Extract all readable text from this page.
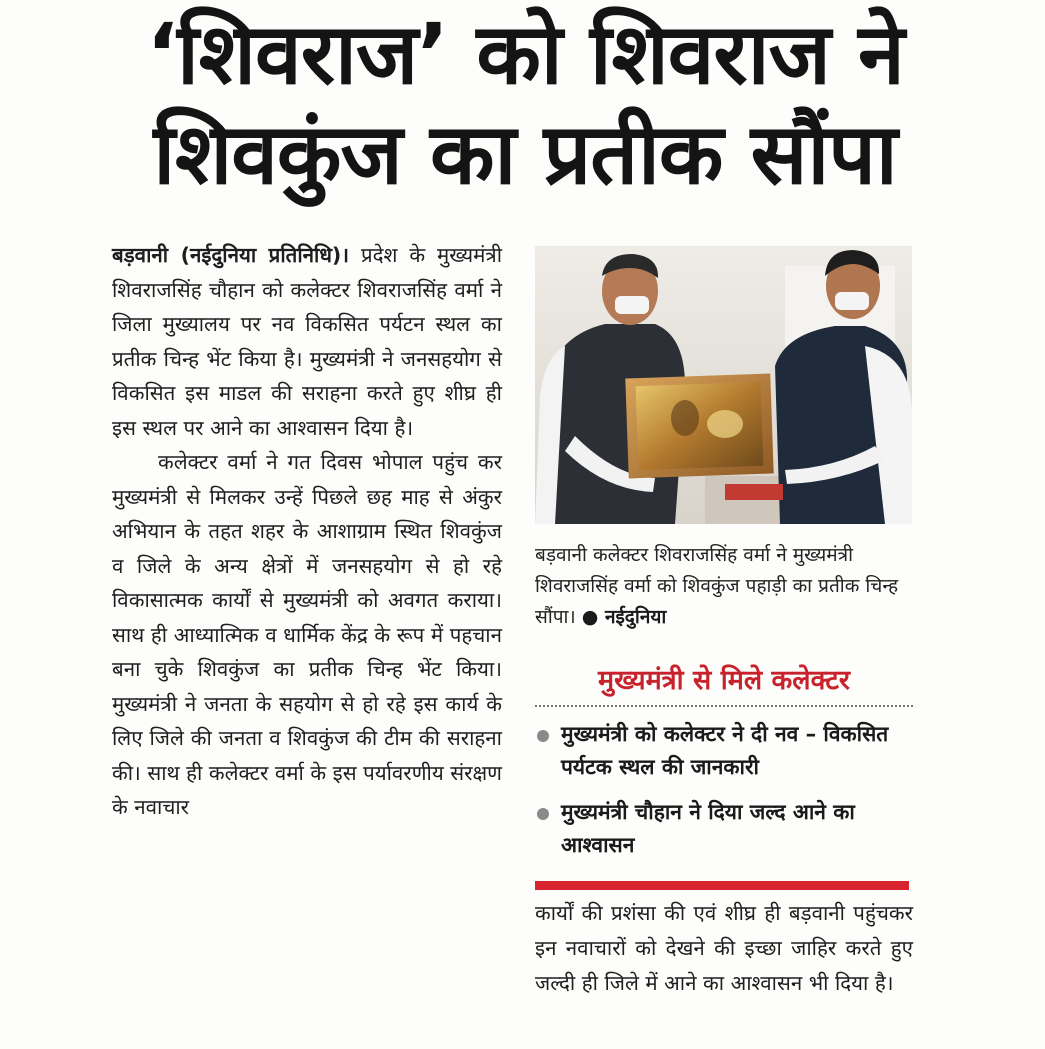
‘शिवराज’ को शिवराज ने
शिवकुंज का प्रतीक सौंपा

बड़वानी (नईदुनिया प्रतिनिधि)। प्रदेश के मुख्यमंत्री शिवराजसिंह चौहान को कलेक्टर शिवराजसिंह वर्मा ने जिला मुख्यालय पर नव विकसित पर्यटन स्थल का प्रतीक चिन्ह भेंट किया है। मुख्यमंत्री ने जनसहयोग से विकसित इस माडल की सराहना करते हुए शीघ्र ही इस स्थल पर आने का आश्वासन दिया है।

कलेक्टर वर्मा ने गत दिवस भोपाल पहुंच कर मुख्यमंत्री से मिलकर उन्हें पिछले छह माह से अंकुर अभियान के तहत शहर के आशाग्राम स्थित शिवकुंज व जिले के अन्य क्षेत्रों में जनसहयोग से हो रहे विकासात्मक कार्यों से मुख्यमंत्री को अवगत कराया। साथ ही आध्यात्मिक व धार्मिक केंद्र के रूप में पहचान बना चुके शिवकुंज का प्रतीक चिन्ह भेंट किया। मुख्यमंत्री ने जनता के सहयोग से हो रहे इस कार्य के लिए जिले की जनता व शिवकुंज की टीम की सराहना की। साथ ही कलेक्टर वर्मा के इस पर्यावरणीय संरक्षण के नवाचार

बड़वानी कलेक्टर शिवराजसिंह वर्मा ने मुख्यमंत्री शिवराजसिंह वर्मा को शिवकुंज पहाड़ी का प्रतीक चिन्ह सौंपा। ● नईदुनिया
मुख्यमंत्री से मिले कलेक्टर
मुख्यमंत्री को कलेक्टर ने दी नव – विकसित पर्यटक स्थल की जानकारी
मुख्यमंत्री चौहान ने दिया जल्द आने का आश्वासन

कार्यों की प्रशंसा की एवं शीघ्र ही बड़वानी पहुंचकर इन नवाचारों को देखने की इच्छा जाहिर करते हुए जल्दी ही जिले में आने का आश्वासन भी दिया है।
